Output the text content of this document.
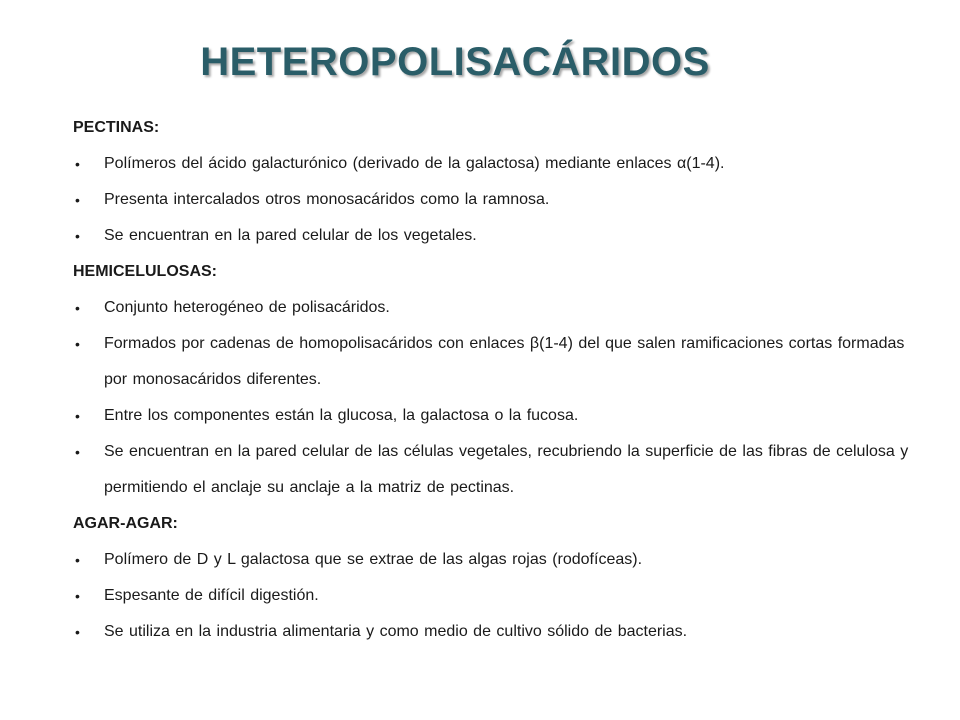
HETEROPOLISACÁRIDOS
PECTINAS:
• Polímeros del ácido galacturónico (derivado de la galactosa) mediante enlaces α(1-4).
• Presenta intercalados otros monosacáridos como la ramnosa.
• Se encuentran en la pared celular de los vegetales.
HEMICELULOSAS:
• Conjunto heterogéneo de polisacáridos.
• Formados por cadenas de homopolisacáridos con enlaces β(1-4) del que salen ramificaciones cortas formadas por monosacáridos diferentes.
• Entre los componentes están la glucosa, la galactosa o la fucosa.
• Se encuentran en la pared celular de las células vegetales, recubriendo la superficie de las fibras de celulosa y permitiendo el anclaje su anclaje a la matriz de pectinas.
AGAR-AGAR:
• Polímero de D y L galactosa que se extrae de las algas rojas (rodofíceas).
• Espesante de difícil digestión.
• Se utiliza en la industria alimentaria y como medio de cultivo sólido de bacterias.
